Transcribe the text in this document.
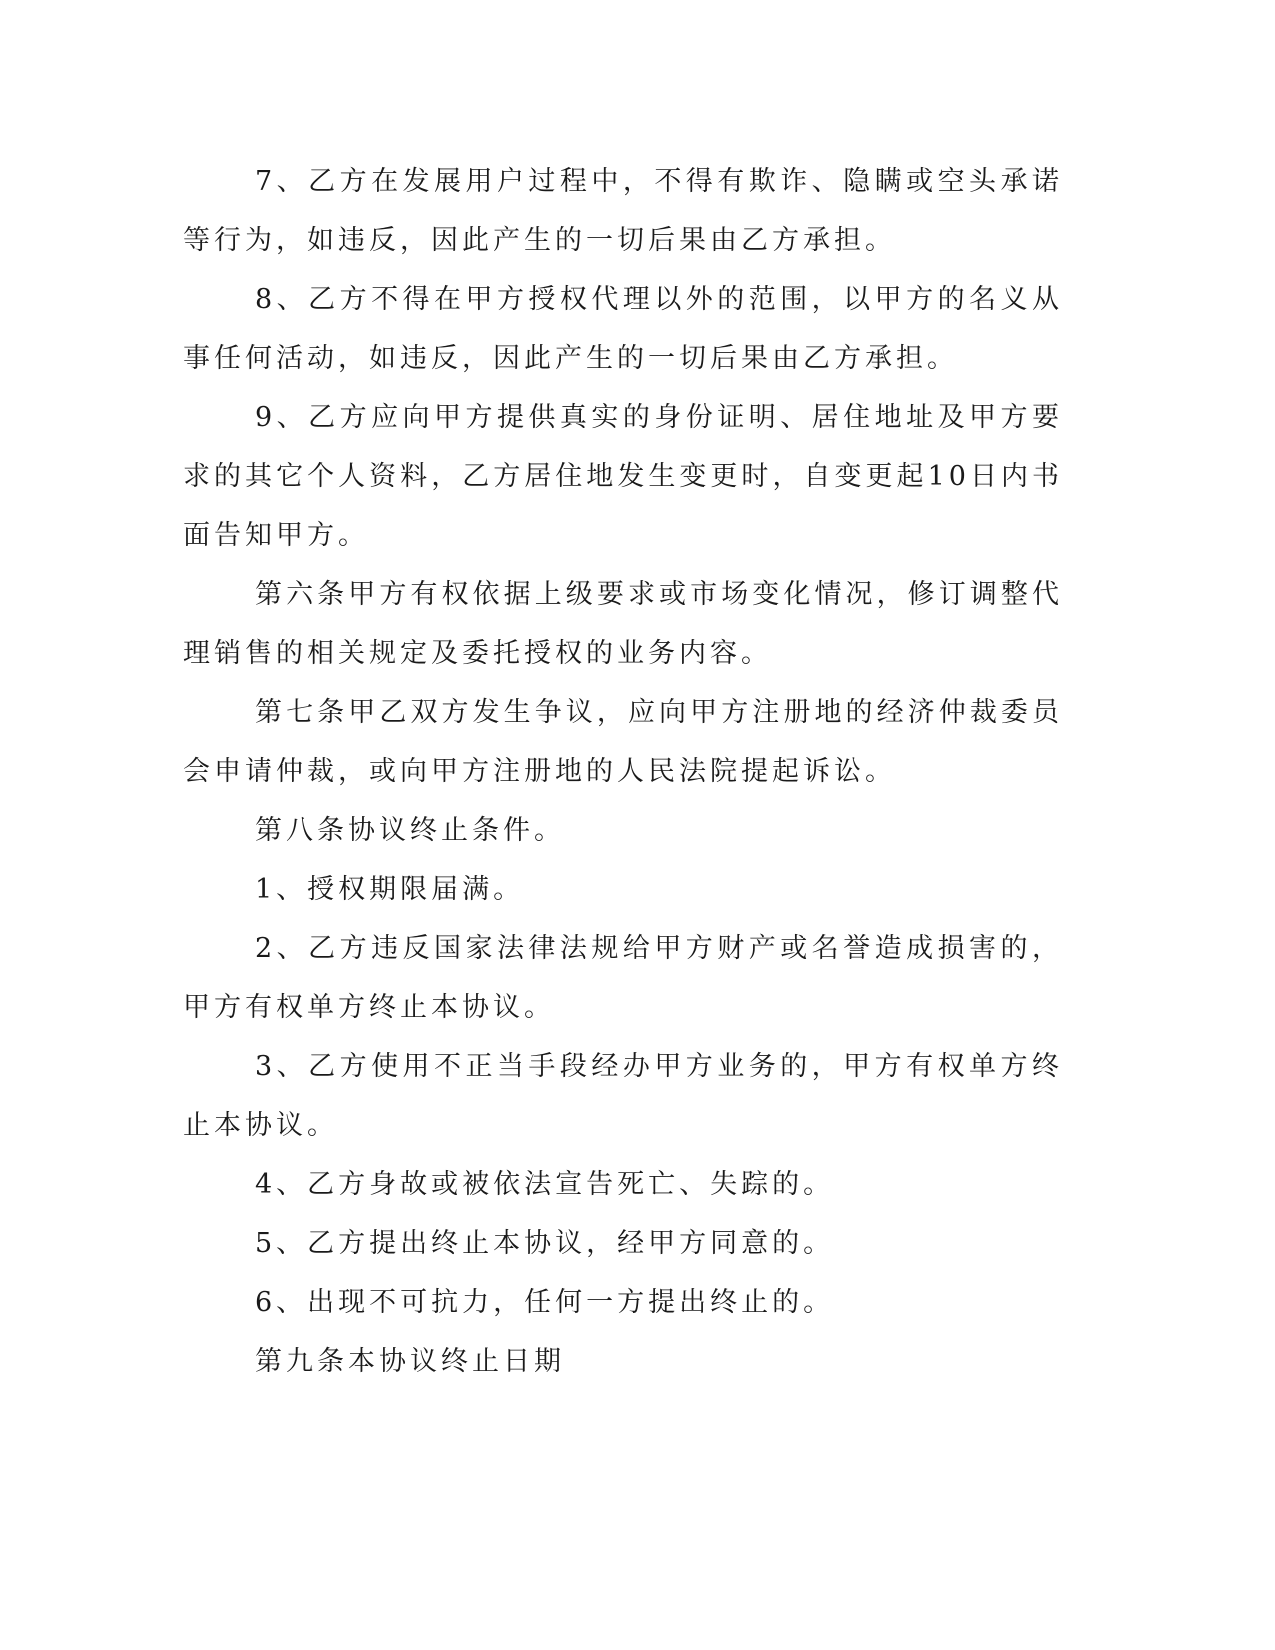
7、乙方在发展用户过程中，不得有欺诈、隐瞒或空头承诺等行为，如违反，因此产生的一切后果由乙方承担。

8、乙方不得在甲方授权代理以外的范围，以甲方的名义从事任何活动，如违反，因此产生的一切后果由乙方承担。

9、乙方应向甲方提供真实的身份证明、居住地址及甲方要求的其它个人资料，乙方居住地发生变更时，自变更起10日内书面告知甲方。

第六条甲方有权依据上级要求或市场变化情况，修订调整代理销售的相关规定及委托授权的业务内容。

第七条甲乙双方发生争议，应向甲方注册地的经济仲裁委员会申请仲裁，或向甲方注册地的人民法院提起诉讼。

第八条协议终止条件。

1、授权期限届满。

2、乙方违反国家法律法规给甲方财产或名誉造成损害的，甲方有权单方终止本协议。

3、乙方使用不正当手段经办甲方业务的，甲方有权单方终止本协议。

4、乙方身故或被依法宣告死亡、失踪的。

5、乙方提出终止本协议，经甲方同意的。

6、出现不可抗力，任何一方提出终止的。

第九条本协议终止日期
